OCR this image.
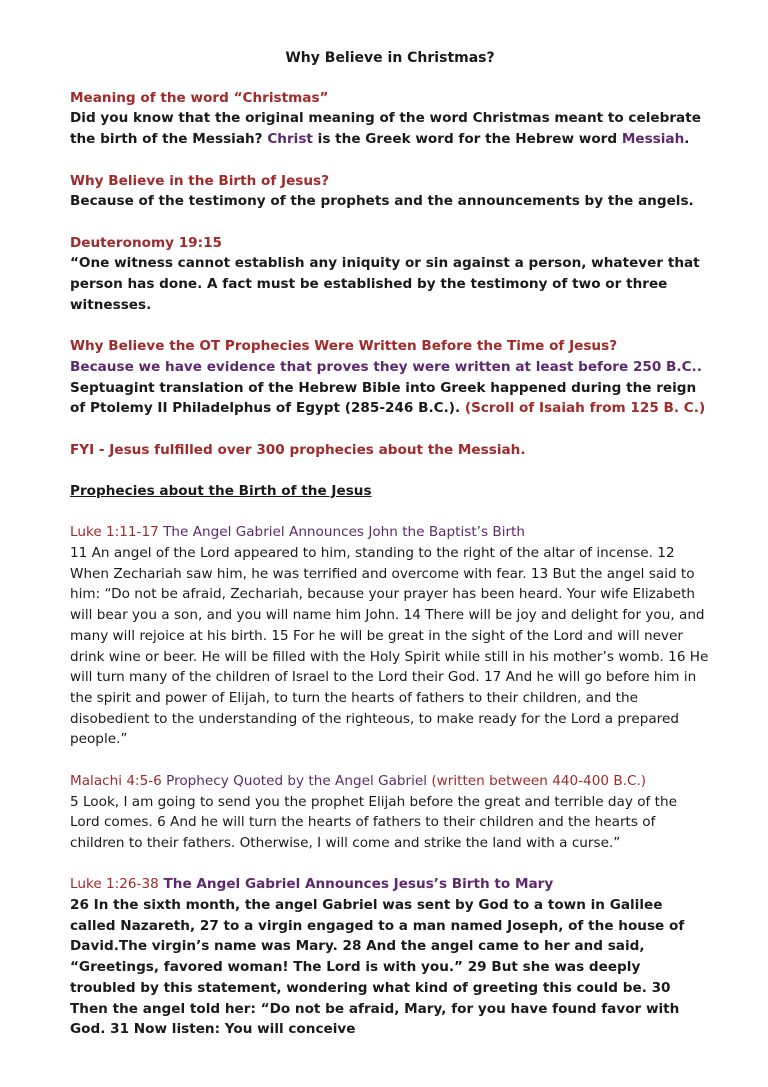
Why Believe in Christmas?

Meaning of the word “Christmas”

Did you know that the original meaning of the word Christmas meant to celebrate the birth of the Messiah? Christ is the Greek word for the Hebrew word Messiah.

Why Believe in the Birth of Jesus?

Because of the testimony of the prophets and the announcements by the angels.

Deuteronomy 19:15

“One witness cannot establish any iniquity or sin against a person, whatever that person has done. A fact must be established by the testimony of two or three witnesses.

Why Believe the OT Prophecies Were Written Before the Time of Jesus?

Because we have evidence that proves they were written at least before 250 B.C..

Septuagint translation of the Hebrew Bible into Greek happened during the reign of Ptolemy II Philadelphus of Egypt (285-246 B.C.). (Scroll of Isaiah from 125 B. C.)

FYI - Jesus fulfilled over 300 prophecies about the Messiah.

Prophecies about the Birth of the Jesus

Luke 1:11-17 The Angel Gabriel Announces John the Baptist’s Birth

11 An angel of the Lord appeared to him, standing to the right of the altar of incense. 12 When Zechariah saw him, he was terrified and overcome with fear. 13 But the angel said to him: “Do not be afraid, Zechariah, because your prayer has been heard. Your wife Elizabeth will bear you a son, and you will name him John. 14 There will be joy and delight for you, and many will rejoice at his birth. 15 For he will be great in the sight of the Lord and will never drink wine or beer. He will be filled with the Holy Spirit while still in his mother’s womb. 16 He will turn many of the children of Israel to the Lord their God. 17 And he will go before him in the spirit and power of Elijah, to turn the hearts of fathers to their children, and the disobedient to the understanding of the righteous, to make ready for the Lord a prepared people.”

Malachi 4:5-6 Prophecy Quoted by the Angel Gabriel (written between 440-400 B.C.)

5 Look, I am going to send you the prophet Elijah before the great and terrible day of the Lord comes. 6 And he will turn the hearts of fathers to their children and the hearts of children to their fathers. Otherwise, I will come and strike the land with a curse.”

Luke 1:26-38 The Angel Gabriel Announces Jesus’s Birth to Mary

26 In the sixth month, the angel Gabriel was sent by God to a town in Galilee called Nazareth, 27 to a virgin engaged to a man named Joseph, of the house of David.The virgin’s name was Mary. 28 And the angel came to her and said, “Greetings, favored woman! The Lord is with you.” 29 But she was deeply troubled by this statement, wondering what kind of greeting this could be. 30 Then the angel told her: “Do not be afraid, Mary, for you have found favor with God. 31 Now listen: You will conceive
